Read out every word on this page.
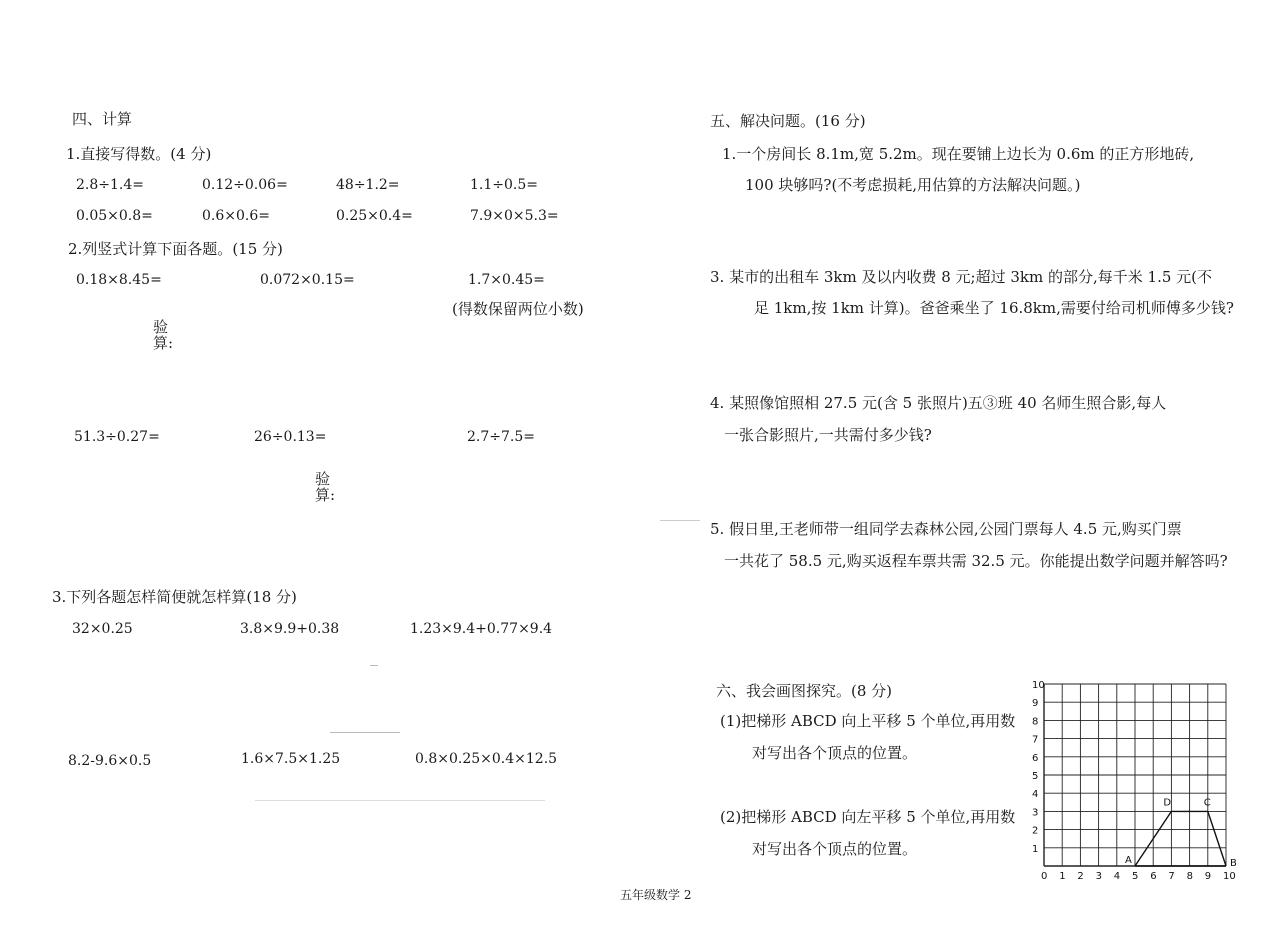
四、计算
1.直接写得数。(4 分)
2.8÷1.4=	0.12÷0.06=	48÷1.2=	1.1÷0.5=
0.05×0.8=	0.6×0.6=	0.25×0.4=	7.9×0×5.3=
2.列竖式计算下面各题。(15 分)
0.18×8.45=	0.072×0.15=	1.7×0.45=
(得数保留两位小数)
验
算:
51.3÷0.27=	26÷0.13=	2.7÷7.5=
验
算:
3.下列各题怎样简便就怎样算(18 分)
32×0.25	3.8×9.9+0.38	1.23×9.4+0.77×9.4
8.2-9.6×0.5	1.6×7.5×1.25	0.8×0.25×0.4×12.5
五、解决问题。(16 分)
1.一个房间长 8.1m,宽 5.2m。现在要铺上边长为 0.6m 的正方形地砖,
100 块够吗?(不考虑损耗,用估算的方法解决问题。)
3. 某市的出租车 3km 及以内收费 8 元;超过 3km 的部分,每千米 1.5 元(不
足 1km,按 1km 计算)。爸爸乘坐了 16.8km,需要付给司机师傅多少钱?
4. 某照像馆照相 27.5 元(含 5 张照片)五③班 40 名师生照合影,每人
一张合影照片,一共需付多少钱?
5. 假日里,王老师带一组同学去森林公园,公园门票每人 4.5 元,购买门票
一共花了 58.5 元,购买返程车票共需 32.5 元。你能提出数学问题并解答吗?
六、我会画图探究。(8 分)
(1)把梯形 ABCD 向上平移 5 个单位,再用数
对写出各个顶点的位置。
(2)把梯形 ABCD 向左平移 5 个单位,再用数
对写出各个顶点的位置。
0 1 2 3 4 5 6 7 8 9 10
1
2
3
4
5
6
7
8
9
10
A	B
C
D
五年级数学 2
